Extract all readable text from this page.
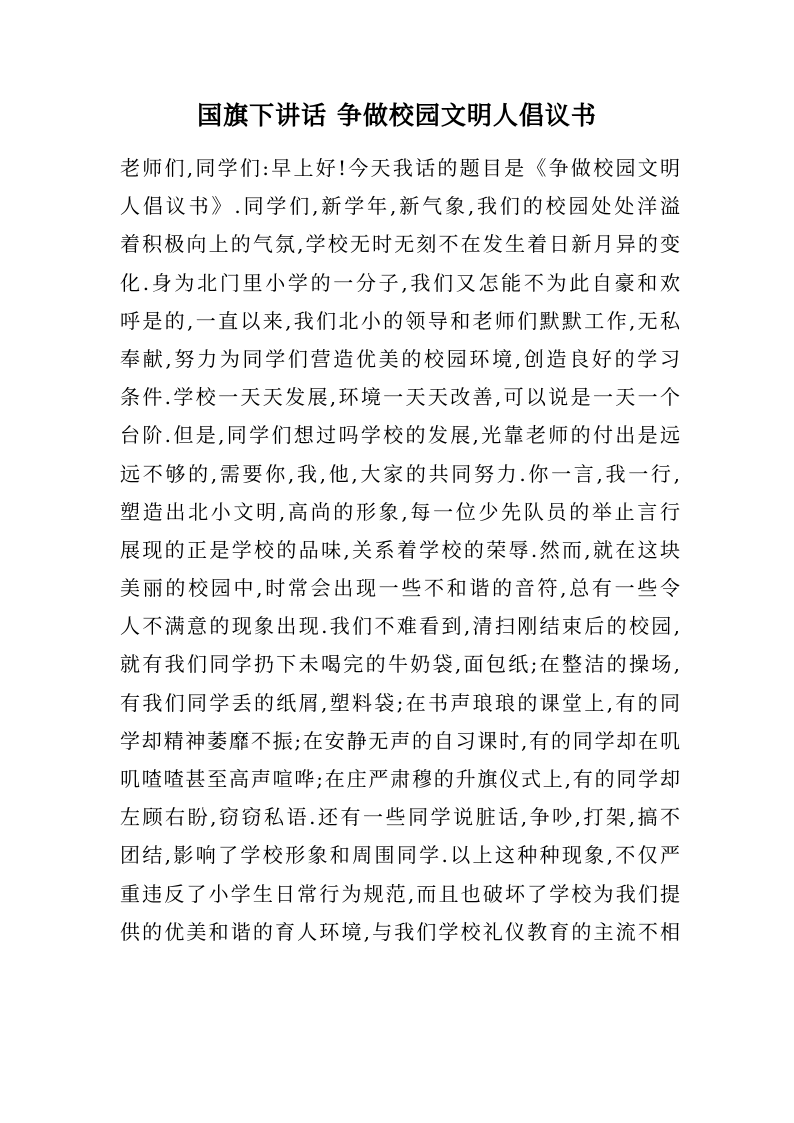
国旗下讲话 争做校园文明人倡议书
老师们,同学们:早上好!今天我话的题目是《争做校园文明
人倡议书》.同学们,新学年,新气象,我们的校园处处洋溢
着积极向上的气氛,学校无时无刻不在发生着日新月异的变
化.身为北门里小学的一分子,我们又怎能不为此自豪和欢
呼是的,一直以来,我们北小的领导和老师们默默工作,无私
奉献,努力为同学们营造优美的校园环境,创造良好的学习
条件.学校一天天发展,环境一天天改善,可以说是一天一个
台阶.但是,同学们想过吗学校的发展,光靠老师的付出是远
远不够的,需要你,我,他,大家的共同努力.你一言,我一行,
塑造出北小文明,高尚的形象,每一位少先队员的举止言行
展现的正是学校的品味,关系着学校的荣辱.然而,就在这块
美丽的校园中,时常会出现一些不和谐的音符,总有一些令
人不满意的现象出现.我们不难看到,清扫刚结束后的校园,
就有我们同学扔下未喝完的牛奶袋,面包纸;在整洁的操场,
有我们同学丢的纸屑,塑料袋;在书声琅琅的课堂上,有的同
学却精神萎靡不振;在安静无声的自习课时,有的同学却在叽
叽喳喳甚至高声喧哗;在庄严肃穆的升旗仪式上,有的同学却
左顾右盼,窃窃私语.还有一些同学说脏话,争吵,打架,搞不
团结,影响了学校形象和周围同学.以上这种种现象,不仅严
重违反了小学生日常行为规范,而且也破坏了学校为我们提
供的优美和谐的育人环境,与我们学校礼仪教育的主流不相
